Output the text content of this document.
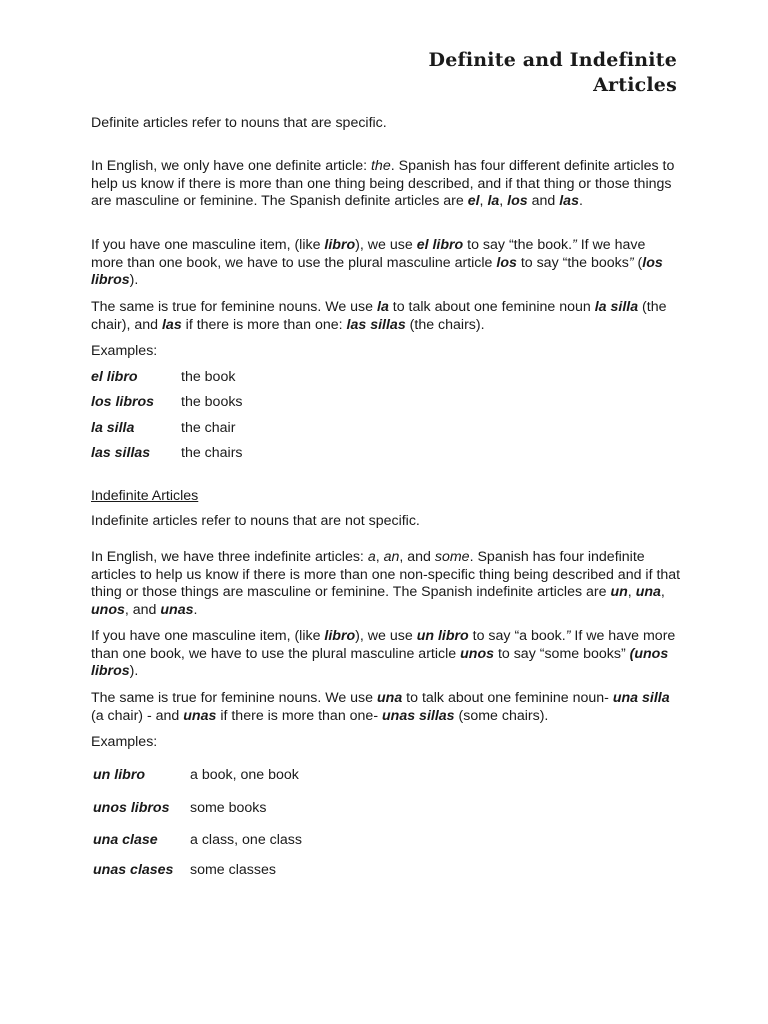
Definite and Indefinite
Articles

Definite articles refer to nouns that are specific.

In English, we only have one definite article: the. Spanish has four different definite articles to help us know if there is more than one thing being described, and if that thing or those things are masculine or feminine. The Spanish definite articles are el, la, los and las.

If you have one masculine item, (like libro), we use el libro to say “the book.” If we have more than one book, we have to use the plural masculine article los to say “the books” (los libros).

The same is true for feminine nouns. We use la to talk about one feminine noun la silla (the chair), and las if there is more than one: las sillas (the chairs).

Examples:

el libro	the book
los libros the books
la silla	the chair
las sillas the chairs

Indefinite Articles

Indefinite articles refer to nouns that are not specific.

In English, we have three indefinite articles: a, an, and some. Spanish has four indefinite articles to help us know if there is more than one non-specific thing being described and if that thing or those things are masculine or feminine. The Spanish indefinite articles are un, una, unos, and unas.

If you have one masculine item, (like libro), we use un libro to say “a book.” If we have more than one book, we have to use the plural masculine article unos to say “some books” (unos libros).

The same is true for feminine nouns. We use una to talk about one feminine noun- una silla (a chair) - and unas if there is more than one- unas sillas (some chairs).

Examples:

un libro	a book, one book
unos libros some books
una clase a class, one class
unas clases some classes
